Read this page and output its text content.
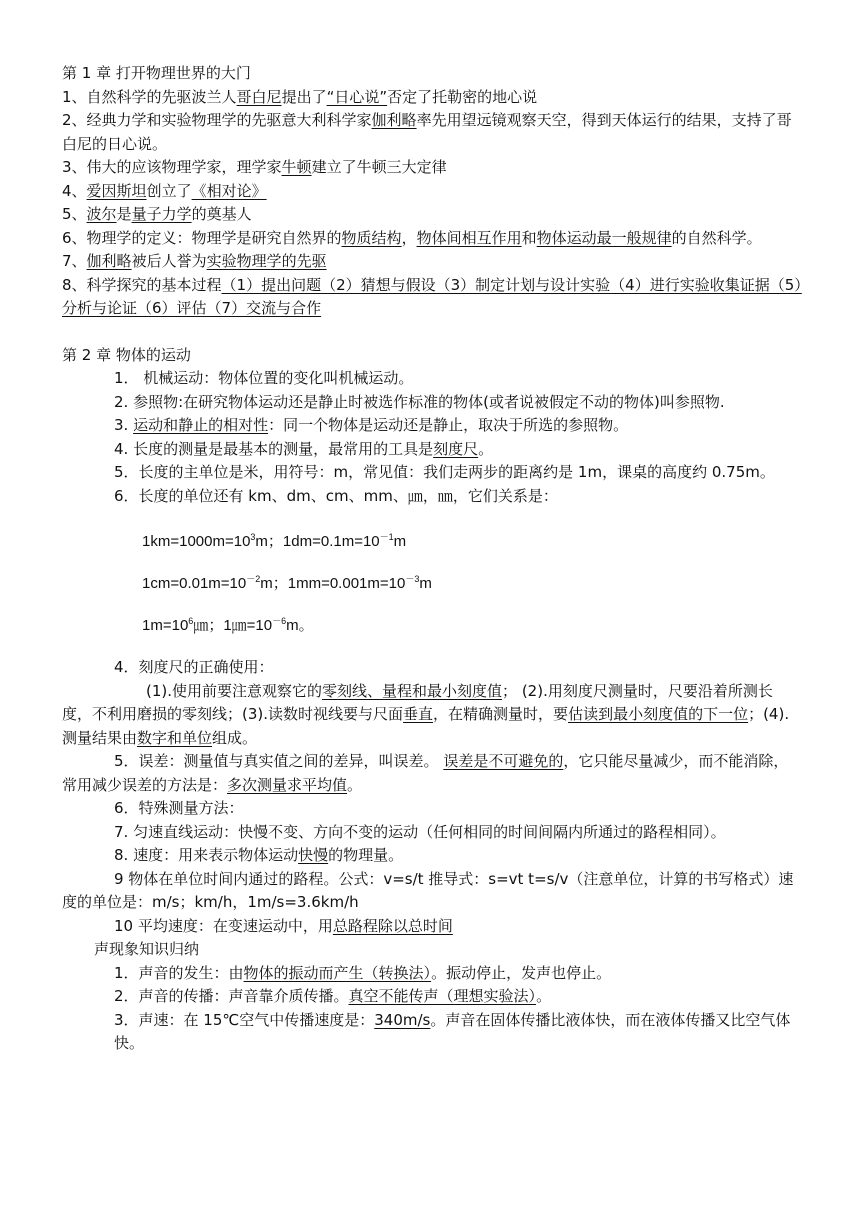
第 1 章 打开物理世界的大门
1、自然科学的先驱波兰人哥白尼提出了“日心说”否定了托勒密的地心说
2、经典力学和实验物理学的先驱意大利科学家伽利略率先用望远镜观察天空，得到天体运行的结果，支持了哥白尼的日心说。
3、伟大的应该物理学家，理学家牛顿建立了牛顿三大定律
4、爱因斯坦创立了《相对论》
5、波尔是量子力学的奠基人
6、物理学的定义：物理学是研究自然界的物质结构，物体间相互作用和物体运动最一般规律的自然科学。
7、伽利略被后人誉为实验物理学的先驱
8、科学探究的基本过程（1）提出问题（2）猜想与假设（3）制定计划与设计实验（4）进行实验收集证据（5）分析与论证（6）评估（7）交流与合作
第 2 章 物体的运动
1． 机械运动：物体位置的变化叫机械运动。
2. 参照物:在研究物体运动还是静止时被选作标准的物体(或者说被假定不动的物体)叫参照物.
3. 运动和静止的相对性：同一个物体是运动还是静止，取决于所选的参照物。
4. 长度的测量是最基本的测量，最常用的工具是刻度尺。
5．长度的主单位是米，用符号：m，常见值：我们走两步的距离约是 1m，课桌的高度约 0.75m。
6．长度的单位还有 km、dm、cm、mm、㎛，㎚，它们关系是：
$1km=1000m=10^3m$；$1dm=0.1m=10^{-1}m$
$1cm=0.01m=10^{-2}m$；$1mm=0.001m=10^{-3}m$
$1m=10^6㎛$；$1㎛=10^{-6}m$。
4．刻度尺的正确使用：
(1).使用前要注意观察它的零刻线、量程和最小刻度值； (2).用刻度尺测量时，尺要沿着所测长度，不利用磨损的零刻线；(3).读数时视线要与尺面垂直，在精确测量时，要估读到最小刻度值的下一位；(4). 测量结果由数字和单位组成。
5．误差：测量值与真实值之间的差异，叫误差。 误差是不可避免的，它只能尽量减少，而不能消除，常用减少误差的方法是：多次测量求平均值。
6．特殊测量方法：
7. 匀速直线运动：快慢不变、方向不变的运动（任何相同的时间间隔内所通过的路程相同）。
8. 速度：用来表示物体运动快慢的物理量。
9 物体在单位时间内通过的路程。公式：v=s/t 推导式：s=vt t=s/v（注意单位，计算的书写格式）速度的单位是：m/s；km/h，1m/s=3.6km/h
10 平均速度：在变速运动中，用总路程除以总时间
声现象知识归纳
1．声音的发生：由物体的振动而产生（转换法）。振动停止，发声也停止。
2．声音的传播：声音靠介质传播。真空不能传声（理想实验法）。
3．声速：在 15℃空气中传播速度是：340m/s。声音在固体传播比液体快，而在液体传播又比空气体快。
